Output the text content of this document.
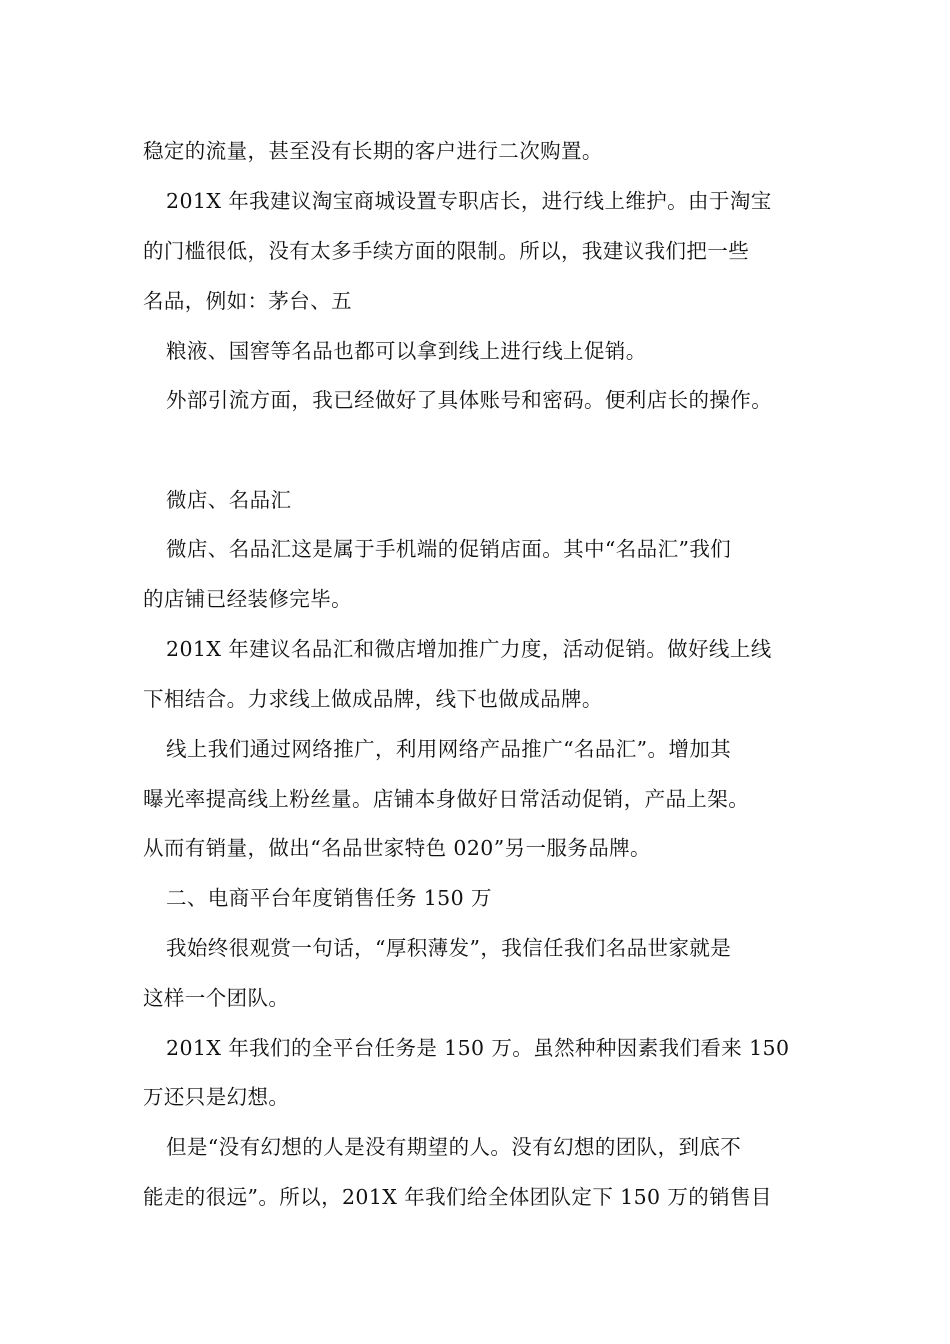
稳定的流量，甚至没有长期的客户进行二次购置。
201X 年我建议淘宝商城设置专职店长，进行线上维护。由于淘宝
的门槛很低，没有太多手续方面的限制。所以，我建议我们把一些
名品，例如：茅台、五
粮液、国窖等名品也都可以拿到线上进行线上促销。
外部引流方面，我已经做好了具体账号和密码。便利店长的操作。
微店、名品汇
微店、名品汇这是属于手机端的促销店面。其中“名品汇”我们
的店铺已经装修完毕。
201X 年建议名品汇和微店增加推广力度，活动促销。做好线上线
下相结合。力求线上做成品牌，线下也做成品牌。
线上我们通过网络推广，利用网络产品推广“名品汇”。增加其
曝光率提高线上粉丝量。店铺本身做好日常活动促销，产品上架。
从而有销量，做出“名品世家特色 020”另一服务品牌。
二、电商平台年度销售任务 150 万
我始终很观赏一句话，“厚积薄发”，我信任我们名品世家就是
这样一个团队。
201X 年我们的全平台任务是 150 万。虽然种种因素我们看来 150
万还只是幻想。
但是“没有幻想的人是没有期望的人。没有幻想的团队，到底不
能走的很远”。所以，201X 年我们给全体团队定下 150 万的销售目
